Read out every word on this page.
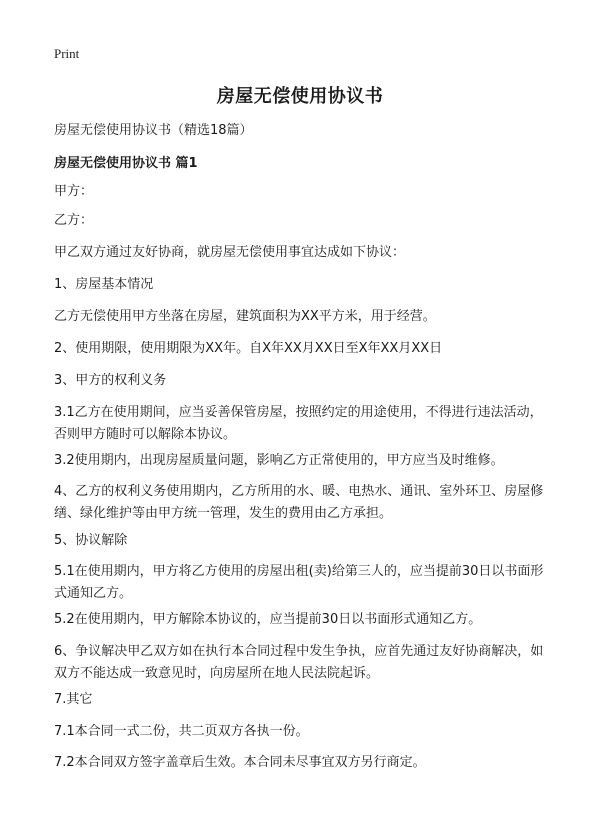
Print
房屋无偿使用协议书

房屋无偿使用协议书（精选18篇）

房屋无偿使用协议书 篇1

甲方：

乙方：

甲乙双方通过友好协商，就房屋无偿使用事宜达成如下协议：

1、房屋基本情况

乙方无偿使用甲方坐落在房屋，建筑面积为XX平方米，用于经营。

2、使用期限，使用期限为XX年。自X年XX月XX日至X年XX月XX日

3、甲方的权利义务

3.1乙方在使用期间，应当妥善保管房屋，按照约定的用途使用，不得进行违法活动，否则甲方随时可以解除本协议。

3.2使用期内，出现房屋质量问题，影响乙方正常使用的，甲方应当及时维修。

4、乙方的权利义务使用期内，乙方所用的水、暖、电热水、通讯、室外环卫、房屋修缮、绿化维护等由甲方统一管理，发生的费用由乙方承担。

5、协议解除

5.1在使用期内，甲方将乙方使用的房屋出租(卖)给第三人的，应当提前30日以书面形式通知乙方。

5.2在使用期内，甲方解除本协议的，应当提前30日以书面形式通知乙方。

6、争议解决甲乙双方如在执行本合同过程中发生争执，应首先通过友好协商解决，如双方不能达成一致意见时，向房屋所在地人民法院起诉。

7.其它

7.1本合同一式二份，共二页双方各执一份。

7.2本合同双方签字盖章后生效。本合同未尽事宜双方另行商定。
